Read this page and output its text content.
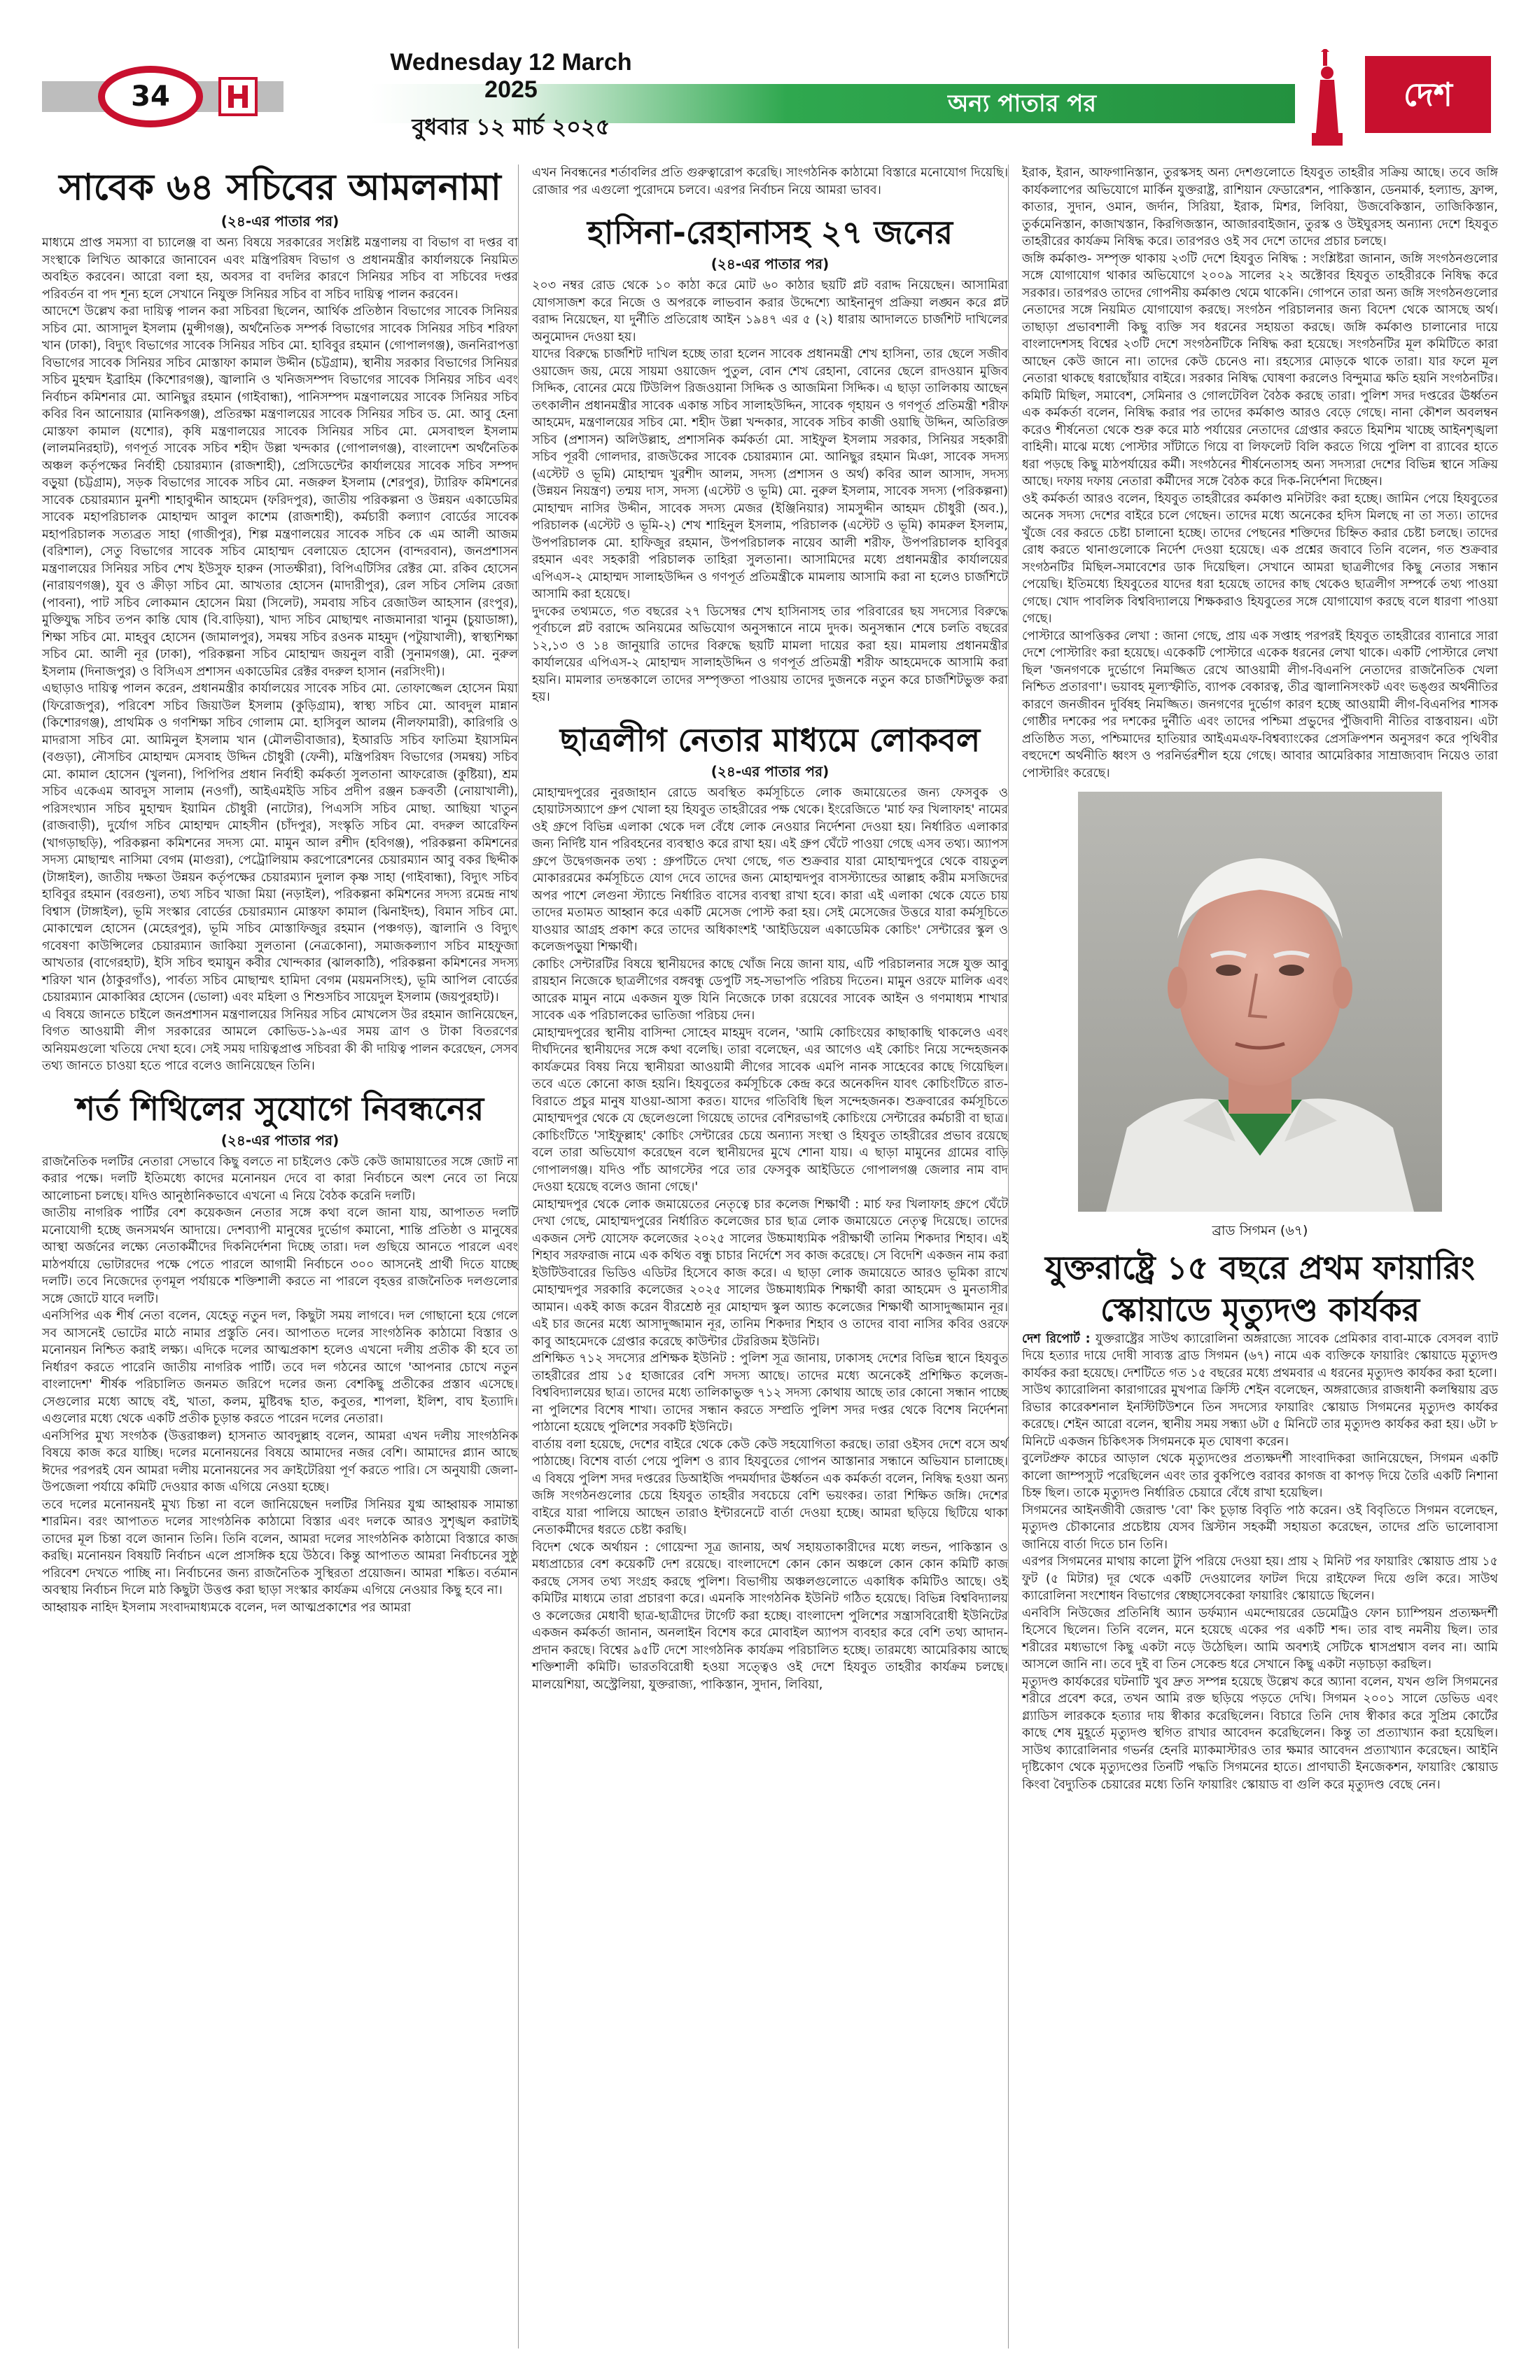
34
Wednesday 12 March 2025
বুধবার ১২ মার্চ ২০২৫
অন্য পাতার পর	দেশ
সাবেক ৬৪ সচিবের আমলনামা
(২৪-এর পাতার পর)

মাধ্যমে প্রাপ্ত সমস্যা বা চ্যালেঞ্জ বা অন্য বিষয়ে সরকারের সংশ্লিষ্ট মন্ত্রণালয় বা বিভাগ বা দপ্তর বা সংস্থাকে লিখিত আকারে জানাবেন এবং মন্ত্রিপরিষদ বিভাগ ও প্রধানমন্ত্রীর কার্যালয়কে নিয়মিত অবহিত করবেন। আরো বলা হয়, অবসর বা বদলির কারণে সিনিয়র সচিব বা সচিবের দপ্তর পরিবর্তন বা পদ শূন্য হলে সেখানে নিযুক্ত সিনিয়র সচিব বা সচিব দায়িত্ব পালন করবেন।

আদেশে উল্লেখ করা দায়িত্ব পালন করা সচিবরা ছিলেন, আর্থিক প্রতিষ্ঠান বিভাগের সাবেক সিনিয়র সচিব মো. আসাদুল ইসলাম (মুন্সীগঞ্জ), অর্থনৈতিক সম্পর্ক বিভাগের সাবেক সিনিয়র সচিব শরিফা খান (ঢাকা), বিদ্যুৎ বিভাগের সাবেক সিনিয়র সচিব মো. হাবিবুর রহমান (গোপালগঞ্জ), জননিরাপত্তা বিভাগের সাবেক সিনিয়র সচিব মোস্তাফা কামাল উদ্দীন (চট্টগ্রাম), স্থানীয় সরকার বিভাগের সিনিয়র সচিব মুহম্মদ ইব্রাহিম (কিশোরগঞ্জ), জ্বালানি ও খনিজসম্পদ বিভাগের সাবেক সিনিয়র সচিব এবং নির্বাচন কমিশনার মো. আনিছুর রহমান (গাইবান্ধা), পানিসম্পদ মন্ত্রণালয়ের সাবেক সিনিয়র সচিব কবির বিন আনোয়ার (মানিকগঞ্জ), প্রতিরক্ষা মন্ত্রণালয়ের সাবেক সিনিয়র সচিব ড. মো. আবু হেনা মোস্তফা কামাল (যশোর), কৃষি মন্ত্রণালয়ের সাবেক সিনিয়র সচিব মো. মেসবাহুল ইসলাম (লালমনিরহাট), গণপূর্ত সাবেক সচিব শহীদ উল্লা খন্দকার (গোপালগঞ্জ), বাংলাদেশ অর্থনৈতিক অঞ্চল কর্তৃপক্ষের নির্বাহী চেয়ারম্যান (রাজশাহী), প্রেসিডেন্টের কার্যালয়ের সাবেক সচিব সম্পদ বড়ুয়া (চট্টগ্রাম), সড়ক বিভাগের সাবেক সচিব মো. নজরুল ইসলাম (শেরপুর), ট্যারিফ কমিশনের সাবেক চেয়ারম্যান মুনশী শাহাবুদ্দীন আহমেদ (ফরিদপুর), জাতীয় পরিকল্পনা ও উন্নয়ন একাডেমির সাবেক মহাপরিচালক মোহাম্মদ আবুল কাশেম (রাজশাহী), কর্মচারী কল্যাণ বোর্ডের সাবেক মহাপরিচালক সত্যব্রত সাহা (গাজীপুর), শিল্প মন্ত্রণালয়ের সাবেক সচিব কে এম আলী আজম (বরিশাল), সেতু বিভাগের সাবেক সচিব মোহাম্মদ বেলায়েত হোসেন (বান্দরবান), জনপ্রশাসন মন্ত্রণালয়ের সিনিয়র সচিব শেখ ইউসুফ হারুন (সাতক্ষীরা), বিপিএটিসির রেক্টর মো. রকিব হোসেন (নারায়ণগঞ্জ), যুব ও ক্রীড়া সচিব মো. আখতার হোসেন (মাদারীপুর), রেল সচিব সেলিম রেজা (পাবনা), পাট সচিব লোকমান হোসেন মিয়া (সিলেট), সমবায় সচিব রেজাউল আহসান (রংপুর), মুক্তিযুদ্ধ সচিব তপন কান্তি ঘোষ (বি.বাড়িয়া), খাদ্য সচিব মোছাম্মৎ নাজমানারা খানুম (চুয়াডাঙ্গা), শিক্ষা সচিব মো. মাহবুব হোসেন (জামালপুর), সমন্বয় সচিব রওনক মাহমুদ (পটুয়াখালী), স্বাস্থ্যশিক্ষা সচিব মো. আলী নূর (ঢাকা), পরিকল্পনা সচিব মোহাম্মদ জয়নুল বারী (সুনামগঞ্জ), মো. নুরুল ইসলাম (দিনাজপুর) ও বিসিএস প্রশাসন একাডেমির রেক্টর বদরুল হাসান (নরসিংদী)।

এছাড়াও দায়িত্ব পালন করেন, প্রধানমন্ত্রীর কার্যালয়ের সাবেক সচিব মো. তোফাজ্জেল হোসেন মিয়া (ফিরোজপুর), পরিবেশ সচিব জিয়াউল ইসলাম (কুড়িগ্রাম), স্বাস্থ্য সচিব মো. আবদুল মান্নান (কিশোরগঞ্জ), প্রাথমিক ও গণশিক্ষা সচিব গোলাম মো. হাসিবুল আলম (নীলফামারী), কারিগরি ও মাদরাসা সচিব মো. আমিনুল ইসলাম খান (মৌলভীবাজার), ইআরডি সচিব ফাতিমা ইয়াসমিন (বগুড়া), নৌসচিব মোহাম্মদ মেসবাহ উদ্দিন চৌধুরী (ফেনী), মন্ত্রিপরিষদ বিভাগের (সমন্বয়) সচিব মো. কামাল হোসেন (খুলনা), পিপিপির প্রধান নির্বাহী কর্মকর্তা সুলতানা আফরোজ (কুষ্টিয়া), শ্রম সচিব একেএম আবদুস সালাম (নওগাঁ), আইএমইডি সচিব প্রদীপ রঞ্জন চক্রবর্তী (নোয়াখালী), পরিসংখ্যান সচিব মুহাম্মদ ইয়ামিন চৌধুরী (নাটোর), পিএসসি সচিব মোছা. আছিয়া খাতুন (রাজবাড়ী), দুর্যোগ সচিব মোহাম্মদ মোহসীন (চাঁদপুর), সংস্কৃতি সচিব মো. বদরুল আরেফিন (খাগড়াছড়ি), পরিকল্পনা কমিশনের সদস্য মো. মামুন আল রশীদ (হবিগঞ্জ), পরিকল্পনা কমিশনের সদস্য মোছাম্মৎ নাসিমা বেগম (মাগুরা), পেট্রোলিয়াম করপোরেশনের চেয়ারম্যান আবু বকর ছিদ্দীক (টাঙ্গাইল), জাতীয় দক্ষতা উন্নয়ন কর্তৃপক্ষের চেয়ারম্যান দুলাল কৃষ্ণ সাহা (গাইবান্ধা), বিদ্যুৎ সচিব হাবিবুর রহমান (বরগুনা), তথ্য সচিব খাজা মিয়া (নড়াইল), পরিকল্পনা কমিশনের সদস্য রমেন্দ্র নাথ বিশ্বাস (টাঙ্গাইল), ভূমি সংস্কার বোর্ডের চেয়ারম্যান মোস্তফা কামাল (ঝিনাইদহ), বিমান সচিব মো. মোকাম্মেল হোসেন (মেহেরপুর), ভূমি সচিব মোস্তাফিজুর রহমান (পঞ্চগড়), জ্বালানি ও বিদ্যুৎ গবেষণা কাউন্সিলের চেয়ারম্যান জাকিয়া সুলতানা (নেত্রকোনা), সমাজকল্যাণ সচিব মাহফুজা আখতার (বাগেরহাট), ইসি সচিব হুমায়ুন কবীর খোন্দকার (ঝালকাঠি), পরিকল্পনা কমিশনের সদস্য শরিফা খান (ঠাকুরগাঁও), পার্বত্য সচিব মোছাম্মৎ হামিদা বেগম (ময়মনসিংহ), ভূমি আপিল বোর্ডের চেয়ারম্যান মোকাব্বির হোসেন (ভোলা) এবং মহিলা ও শিশুসচিব সায়েদুল ইসলাম (জয়পুরহাট)।

এ বিষয়ে জানতে চাইলে জনপ্রশাসন মন্ত্রণালয়ের সিনিয়র সচিব মোখলেস উর রহমান জানিয়েছেন, বিগত আওয়ামী লীগ সরকারের আমলে কোভিড-১৯-এর সময় ত্রাণ ও টাকা বিতরণের অনিয়মগুলো খতিয়ে দেখা হবে। সেই সময় দায়িত্বপ্রাপ্ত সচিবরা কী কী দায়িত্ব পালন করেছেন, সেসব তথ্য জানতে চাওয়া হতে পারে বলেও জানিয়েছেন তিনি।

শর্ত শিথিলের সুযোগে নিবন্ধনের
(২৪-এর পাতার পর)

রাজনৈতিক দলটির নেতারা সেভাবে কিছু বলতে না চাইলেও কেউ কেউ জামায়াতের সঙ্গে জোট না করার পক্ষে। দলটি ইতিমধ্যে কাদের মনোনয়ন দেবে বা কারা নির্বাচনে অংশ নেবে তা নিয়ে আলোচনা চলছে। যদিও আনুষ্ঠানিকভাবে এখনো এ নিয়ে বৈঠক করেনি দলটি।

জাতীয় নাগরিক পার্টির বেশ কয়েকজন নেতার সঙ্গে কথা বলে জানা যায়, আপাতত দলটি মনোযোগী হচ্ছে জনসমর্থন আদায়ে। দেশব্যাপী মানুষের দুর্ভোগ কমানো, শান্তি প্রতিষ্ঠা ও মানুষের আস্থা অর্জনের লক্ষ্যে নেতাকর্মীদের দিকনির্দেশনা দিচ্ছে তারা। দল গুছিয়ে আনতে পারলে এবং মাঠপর্যায়ে ভোটারদের পক্ষে পেতে পারলে আগামী নির্বাচনে ৩০০ আসনেই প্রার্থী দিতে যাচ্ছে দলটি। তবে নিজেদের তৃণমূল পর্যায়কে শক্তিশালী করতে না পারলে বৃহত্তর রাজনৈতিক দলগুলোর সঙ্গে জোটে যাবে দলটি।

এনসিপির এক শীর্ষ নেতা বলেন, যেহেতু নতুন দল, কিছুটা সময় লাগবে। দল গোছানো হয়ে গেলে সব আসনেই ভোটের মাঠে নামার প্রস্তুতি নেব। আপাতত দলের সাংগঠনিক কাঠামো বিস্তার ও মনোনয়ন নিশ্চিত করাই লক্ষ্য। এদিকে দলের আত্মপ্রকাশ হলেও এখনো দলীয় প্রতীক কী হবে তা নির্ধারণ করতে পারেনি জাতীয় নাগরিক পার্টি। তবে দল গঠনের আগে 'আপনার চোখে নতুন বাংলাদেশ' শীর্ষক পরিচালিত জনমত জরিপে দলের জন্য বেশকিছু প্রতীকের প্রস্তাব এসেছে। সেগুলোর মধ্যে আছে বই, খাতা, কলম, মুষ্টিবদ্ধ হাত, কবুতর, শাপলা, ইলিশ, বাঘ ইত্যাদি। এগুলোর মধ্যে থেকে একটি প্রতীক চূড়ান্ত করতে পারেন দলের নেতারা।

এনসিপির মুখ্য সংগঠক (উত্তরাঞ্চল) হাসনাত আবদুল্লাহ বলেন, আমরা এখন দলীয় সাংগঠনিক বিষয়ে কাজ করে যাচ্ছি। দলের মনোনয়নের বিষয়ে আমাদের নজর বেশি। আমাদের প্ল্যান আছে ঈদের পরপরই যেন আমরা দলীয় মনোনয়নের সব ক্রাইটেরিয়া পূর্ণ করতে পারি। সে অনুযায়ী জেলা-উপজেলা পর্যায়ে কমিটি দেওয়ার কাজ এগিয়ে নেওয়া হচ্ছে।

তবে দলের মনোনয়নই মুখ্য চিন্তা না বলে জানিয়েছেন দলটির সিনিয়র যুগ্ম আহ্বায়ক সামান্তা শারমিন। বরং আপাতত দলের সাংগঠনিক কাঠামো বিস্তার এবং দলকে আরও সুশৃঙ্খল করাটাই তাদের মূল চিন্তা বলে জানান তিনি। তিনি বলেন, আমরা দলের সাংগঠনিক কাঠামো বিস্তারে কাজ করছি। মনোনয়ন বিষয়টি নির্বাচন এলে প্রাসঙ্গিক হয়ে উঠবে। কিন্তু আপাতত আমরা নির্বাচনের সুষ্ঠু পরিবেশ দেখতে পাচ্ছি না। নির্বাচনের জন্য রাজনৈতিক সুস্থিরতা প্রয়োজন। আমরা শঙ্কিত। বর্তমান অবস্থায় নির্বাচন দিলে মাঠ কিছুটা উত্তপ্ত করা ছাড়া সংস্কার কার্যক্রম এগিয়ে নেওয়ার কিছু হবে না।

আহ্বায়ক নাহিদ ইসলাম সংবাদমাধ্যমকে বলেন, দল আত্মপ্রকাশের পর আমরা

এখন নিবন্ধনের শর্তাবলির প্রতি গুরুত্বারোপ করেছি। সাংগঠনিক কাঠামো বিস্তারে মনোযোগ দিয়েছি। রোজার পর এগুলো পুরোদমে চলবে। এরপর নির্বাচন নিয়ে আমরা ভাবব।

হাসিনা-রেহানাসহ ২৭ জনের
(২৪-এর পাতার পর)

২০৩ নম্বর রোড থেকে ১০ কাঠা করে মোট ৬০ কাঠার ছয়টি প্লট বরাদ্দ নিয়েছেন। আসামিরা যোগসাজশ করে নিজে ও অপরকে লাভবান করার উদ্দেশ্যে আইনানুগ প্রক্রিয়া লঙ্ঘন করে প্লট বরাদ্দ নিয়েছেন, যা দুর্নীতি প্রতিরোধ আইন ১৯৪৭ এর ৫ (২) ধারায় আদালতে চার্জশিট দাখিলের অনুমোদন দেওয়া হয়।

যাদের বিরুদ্ধে চার্জশিট দাখিল হচ্ছে তারা হলেন সাবেক প্রধানমন্ত্রী শেখ হাসিনা, তার ছেলে সজীব ওয়াজেদ জয়, মেয়ে সায়মা ওয়াজেদ পুতুল, বোন শেখ রেহানা, বোনের ছেলে রাদওয়ান মুজিব সিদ্দিক, বোনের মেয়ে টিউলিপ রিজওয়ানা সিদ্দিক ও আজমিনা সিদ্দিক। এ ছাড়া তালিকায় আছেন তৎকালীন প্রধানমন্ত্রীর সাবেক একান্ত সচিব সালাহউদ্দিন, সাবেক গৃহায়ন ও গণপূর্ত প্রতিমন্ত্রী শরীফ আহমেদ, মন্ত্রণালয়ের সচিব মো. শহীদ উল্লা খন্দকার, সাবেক সচিব কাজী ওয়াছি উদ্দিন, অতিরিক্ত সচিব (প্রশাসন) অলিউল্লাহ, প্রশাসনিক কর্মকর্তা মো. সাইফুল ইসলাম সরকার, সিনিয়র সহকারী সচিব পূরবী গোলদার, রাজউকের সাবেক চেয়ারম্যান মো. আনিছুর রহমান মিঞা, সাবেক সদস্য (এস্টেট ও ভূমি) মোহাম্মদ খুরশীদ আলম, সদস্য (প্রশাসন ও অর্থ) কবির আল আসাদ, সদস্য (উন্নয়ন নিয়ন্ত্রণ) তন্ময় দাস, সদস্য (এস্টেট ও ভূমি) মো. নুরুল ইসলাম, সাবেক সদস্য (পরিকল্পনা) মোহাম্মদ নাসির উদ্দীন, সাবেক সদস্য মেজর (ইঞ্জিনিয়ার) সামসুদ্দীন আহমদ চৌধুরী (অব.), পরিচালক (এস্টেট ও ভূমি-২) শেখ শাহিনুল ইসলাম, পরিচালক (এস্টেট ও ভূমি) কামরুল ইসলাম, উপপরিচালক মো. হাফিজুর রহমান, উপপরিচালক নায়েব আলী শরীফ, উপপরিচালক হাবিবুর রহমান এবং সহকারী পরিচালক তাহিরা সুলতানা। আসামিদের মধ্যে প্রধানমন্ত্রীর কার্যালয়ের এপিএস-২ মোহাম্মদ সালাহউদ্দিন ও গণপূর্ত প্রতিমন্ত্রীকে মামলায় আসামি করা না হলেও চার্জশিটে আসামি করা হয়েছে।

দুদকের তথ্যমতে, গত বছরের ২৭ ডিসেম্বর শেখ হাসিনাসহ তার পরিবারের ছয় সদস্যের বিরুদ্ধে পূর্বাচলে প্লট বরাদ্দে অনিয়মের অভিযোগ অনুসন্ধানে নামে দুদক। অনুসন্ধান শেষে চলতি বছরের ১২,১৩ ও ১৪ জানুয়ারি তাদের বিরুদ্ধে ছয়টি মামলা দায়ের করা হয়। মামলায় প্রধানমন্ত্রীর কার্যালয়ের এপিএস-২ মোহাম্মদ সালাহউদ্দিন ও গণপূর্ত প্রতিমন্ত্রী শরীফ আহমেদকে আসামি করা হয়নি। মামলার তদন্তকালে তাদের সম্পৃক্ততা পাওয়ায় তাদের দুজনকে নতুন করে চার্জশিটভুক্ত করা হয়।

ছাত্রলীগ নেতার মাধ্যমে লোকবল
(২৪-এর পাতার পর)

মোহাম্মদপুরের নুরজাহান রোডে অবস্থিত কর্মসূচিতে লোক জমায়েতের জন্য ফেসবুক ও হোয়াটসঅ্যাপে গ্রুপ খোলা হয় হিযবুত তাহরীরের পক্ষ থেকে। ইংরেজিতে 'মার্চ ফর খিলাফাহ' নামের ওই গ্রুপে বিভিন্ন এলাকা থেকে দল বেঁধে লোক নেওয়ার নির্দেশনা দেওয়া হয়। নির্ধারিত এলাকার জন্য নির্দিষ্ট যান পরিবহনের ব্যবস্থাও করে রাখা হয়। এই গ্রুপ ঘেঁটে পাওয়া গেছে এসব তথ্য। অ্যাপস গ্রুপে উদ্বেগজনক তথ্য : গ্রুপটিতে দেখা গেছে, গত শুক্রবার যারা মোহাম্মদপুরে থেকে বায়তুল মোকাররমের কর্মসূচিতে যোগ দেবে তাদের জন্য মোহাম্মদপুর বাসস্ট্যান্ডের আল্লাহ করীম মসজিদের অপর পাশে লেগুনা স্ট্যান্ডে নির্ধারিত বাসের ব্যবস্থা রাখা হবে। কারা এই এলাকা থেকে যেতে চায় তাদের মতামত আহ্বান করে একটি মেসেজ পোস্ট করা হয়। সেই মেসেজের উত্তরে যারা কর্মসূচিতে যাওয়ার আগ্রহ প্রকাশ করে তাদের অধিকাংশই 'আইডিয়েল একাডেমিক কোচিং' সেন্টারের স্কুল ও কলেজপড়ুয়া শিক্ষার্থী।

কোচিং সেন্টারটির বিষয়ে স্থানীয়দের কাছে খোঁজ নিয়ে জানা যায়, এটি পরিচালনার সঙ্গে যুক্ত আবু রায়হান নিজেকে ছাত্রলীগের বঙ্গবন্ধু ডেপুটি সহ-সভাপতি পরিচয় দিতেন। মামুন ওরফে মালিক এবং আরেক মামুন নামে একজন যুক্ত যিনি নিজেকে ঢাকা রয়েবের সাবেক আইন ও গণমাধ্যম শাখার সাবেক এক পরিচালকের ভাতিজা পরিচয় দেন।

মোহাম্মদপুরের স্থানীয় বাসিন্দা সোহেব মাহমুদ বলেন, 'আমি কোচিংয়ের কাছাকাছি থাকলেও এবং দীর্ঘদিনের স্থানীয়দের সঙ্গে কথা বলেছি। তারা বলেছেন, এর আগেও এই কোচিং নিয়ে সন্দেহজনক কার্যক্রমের বিষয় নিয়ে স্থানীয়রা আওয়ামী লীগের সাবেক এমপি নানক সাহেবের কাছে গিয়েছিল। তবে এতে কোনো কাজ হয়নি। হিযবুতের কর্মসূচিকে কেন্দ্র করে অনেকদিন যাবৎ কোচিংটিতে রাত-বিরাতে প্রচুর মানুষ যাওয়া-আসা করত। যাদের গতিবিধি ছিল সন্দেহজনক। শুক্রবারের কর্মসূচিতে মোহাম্মদপুর থেকে যে ছেলেগুলো গিয়েছে তাদের বেশিরভাগই কোচিংয়ে সেন্টারের কর্মচারী বা ছাত্র। কোচিংটিতে 'সাইফুল্লাহ' কোচিং সেন্টারের চেয়ে অন্যান্য সংস্থা ও হিযবুত তাহরীরের প্রভাব রয়েছে বলে তারা অভিযোগ করেছেন বলে স্থানীয়দের মুখে শোনা যায়। এ ছাড়া মামুনের গ্রামের বাড়ি গোপালগঞ্জ। যদিও পাঁচ আগস্টের পরে তার ফেসবুক আইডিতে গোপালগঞ্জ জেলার নাম বাদ দেওয়া হয়েছে বলেও জানা গেছে।'

মোহাম্মদপুর থেকে লোক জমায়েতের নেতৃত্বে চার কলেজ শিক্ষার্থী : মার্চ ফর খিলাফাহ গ্রুপে ঘেঁটে দেখা গেছে, মোহাম্মদপুরের নির্ধারিত কলেজের চার ছাত্র লোক জমায়েতে নেতৃত্ব দিয়েছে। তাদের একজন সেন্ট যোসেফ কলেজের ২০২৫ সালের উচ্চমাধ্যমিক পরীক্ষার্থী তানিম শিকদার শিহাব। এই শিহাব সরফরাজ নামে এক কথিত বন্ধু চাচার নির্দেশে সব কাজ করেছে। সে বিদেশি একজন নাম করা ইউটিউবারের ভিডিও এডিটর হিসেবে কাজ করে। এ ছাড়া লোক জমায়েতে আরও ভূমিকা রাখে মোহাম্মদপুর সরকারি কলেজের ২০২৫ সালের উচ্চমাধ্যমিক শিক্ষার্থী কারা আহমেদ ও মুনতাসীর আমান। একই কাজ করেন বীরশ্রেষ্ঠ নূর মোহাম্মদ স্কুল অ্যান্ড কলেজের শিক্ষার্থী আসাদুজ্জামান নূর। এই চার জনের মধ্যে আসাদুজ্জামান নূর, তানিম শিকদার শিহাব ও তাদের বাবা নাসির কবির ওরফে কাবু আহমেদকে গ্রেপ্তার করেছে কাউন্টার টেররিজম ইউনিট।

প্রশিক্ষিত ৭১২ সদস্যের প্রশিক্ষক ইউনিট : পুলিশ সূত্র জানায়, ঢাকাসহ দেশের বিভিন্ন স্থানে হিযবুত তাহরীরের প্রায় ১৫ হাজারের বেশি সদস্য আছে। তাদের মধ্যে অনেকেই প্রশিক্ষিত কলেজ-বিশ্ববিদ্যালয়ের ছাত্র। তাদের মধ্যে তালিকাভুক্ত ৭১২ সদস্য কোথায় আছে তার কোনো সন্ধান পাচ্ছে না পুলিশের বিশেষ শাখা। তাদের সন্ধান করতে সম্প্রতি পুলিশ সদর দপ্তর থেকে বিশেষ নির্দেশনা পাঠানো হয়েছে পুলিশের সবকটি ইউনিটে।

বার্তায় বলা হয়েছে, দেশের বাইরে থেকে কেউ কেউ সহযোগিতা করছে। তারা ওইসব দেশে বসে অর্থ পাঠাচ্ছে। বিশেষ বার্তা পেয়ে পুলিশ ও র‍্যাব হিযবুতের গোপন আস্তানার সন্ধানে অভিযান চালাচ্ছে। এ বিষয়ে পুলিশ সদর দপ্তরের ডিআইজি পদমর্যাদার ঊর্ধ্বতন এক কর্মকর্তা বলেন, নিষিদ্ধ হওয়া অন্য জঙ্গি সংগঠনগুলোর চেয়ে হিযবুত তাহরীর সবচেয়ে বেশি ভয়ংকর। তারা শিক্ষিত জঙ্গি। দেশের বাইরে যারা পালিয়ে আছেন তারাও ইন্টারনেটে বার্তা দেওয়া হচ্ছে। আমরা ছড়িয়ে ছিটিয়ে থাকা নেতাকর্মীদের ধরতে চেষ্টা করছি।

বিদেশ থেকে অর্থায়ন : গোয়েন্দা সূত্র জানায়, অর্থ সহায়তাকারীদের মধ্যে লন্ডন, পাকিস্তান ও মধ্যপ্রাচ্যের বেশ কয়েকটি দেশ রয়েছে। বাংলাদেশে কোন কোন অঞ্চলে কোন কোন কমিটি কাজ করছে সেসব তথ্য সংগ্রহ করছে পুলিশ। বিভাগীয় অঞ্চলগুলোতে একাধিক কমিটিও আছে। ওই কমিটির মাধ্যমে তারা প্রচারণা করে। এমনকি সাংগঠনিক ইউনিট গঠিত হয়েছে। বিভিন্ন বিশ্ববিদ্যালয় ও কলেজের মেধাবী ছাত্র-ছাত্রীদের টার্গেট করা হচ্ছে। বাংলাদেশ পুলিশের সন্ত্রাসবিরোধী ইউনিটের একজন কর্মকর্তা জানান, অনলাইন বিশেষ করে মোবাইল অ্যাপস ব্যবহার করে বেশি তথ্য আদান-প্রদান করছে। বিশ্বের ৯৫টি দেশে সাংগঠনিক কার্যক্রম পরিচালিত হচ্ছে। তারমধ্যে আমেরিকায় আছে শক্তিশালী কমিটি। ভারতবিরোধী হওয়া সত্ত্বেও ওই দেশে হিযবুত তাহরীর কার্যক্রম চলছে। মালয়েশিয়া, অস্ট্রেলিয়া, যুক্তরাজ্য, পাকিস্তান, সুদান, লিবিয়া,

ইরাক, ইরান, আফগানিস্তান, তুরস্কসহ অন্য দেশগুলোতে হিযবুত তাহরীর সক্রিয় আছে। তবে জঙ্গি কার্যকলাপের অভিযোগে মার্কিন যুক্তরাষ্ট্র, রাশিয়ান ফেডারেশন, পাকিস্তান, ডেনমার্ক, হল্যান্ড, ফ্রান্স, কাতার, সুদান, ওমান, জর্দান, সিরিয়া, ইরাক, মিশর, লিবিয়া, উজবেকিস্তান, তাজিকিস্তান, তুর্কমেনিস্তান, কাজাখস্তান, কিরগিজস্তান, আজারবাইজান, তুরস্ক ও উইঘুরসহ অন্যান্য দেশে হিযবুত তাহরীরের কার্যক্রম নিষিদ্ধ করে। তারপরও ওই সব দেশে তাদের প্রচার চলছে।

জঙ্গি কর্মকাণ্ড- সম্পৃক্ত থাকায় ২৩টি দেশে হিযবুত নিষিদ্ধ : সংশ্লিষ্টরা জানান, জঙ্গি সংগঠনগুলোর সঙ্গে যোগাযোগ থাকার অভিযোগে ২০০৯ সালের ২২ অক্টোবর হিযবুত তাহরীরকে নিষিদ্ধ করে সরকার। তারপরও তাদের গোপনীয় কর্মকাণ্ড থেমে থাকেনি। গোপনে তারা অন্য জঙ্গি সংগঠনগুলোর নেতাদের সঙ্গে নিয়মিত যোগাযোগ করছে। সংগঠন পরিচালনার জন্য বিদেশ থেকে আসছে অর্থ। তাছাড়া প্রভাবশালী কিছু ব্যক্তি সব ধরনের সহায়তা করছে। জঙ্গি কর্মকাণ্ড চালানোর দায়ে বাংলাদেশসহ বিশ্বের ২৩টি দেশে সংগঠনটিকে নিষিদ্ধ করা হয়েছে। সংগঠনটির মূল কমিটিতে কারা আছেন কেউ জানে না। তাদের কেউ চেনেও না। রহস্যের মোড়কে থাকে তারা। যার ফলে মূল নেতারা থাকছে ধরাছোঁয়ার বাইরে। সরকার নিষিদ্ধ ঘোষণা করলেও বিন্দুমাত্র ক্ষতি হয়নি সংগঠনটির। কমিটি মিছিল, সমাবেশ, সেমিনার ও গোলটেবিল বৈঠক করছে তারা। পুলিশ সদর দপ্তরের ঊর্ধ্বতন এক কর্মকর্তা বলেন, নিষিদ্ধ করার পর তাদের কর্মকাণ্ড আরও বেড়ে গেছে। নানা কৌশল অবলম্বন করেও শীর্ষনেতা থেকে শুরু করে মাঠ পর্যায়ের নেতাদের গ্রেপ্তার করতে হিমশিম খাচ্ছে আইনশৃঙ্খলা বাহিনী। মাঝে মধ্যে পোস্টার সাঁটাতে গিয়ে বা লিফলেট বিলি করতে গিয়ে পুলিশ বা র‍্যাবের হাতে ধরা পড়ছে কিছু মাঠপর্যায়ের কর্মী। সংগঠনের শীর্ষনেতাসহ অন্য সদস্যরা দেশের বিভিন্ন স্থানে সক্রিয় আছে। দফায় দফায় নেতারা কর্মীদের সঙ্গে বৈঠক করে দিক-নির্দেশনা দিচ্ছেন।

ওই কর্মকর্তা আরও বলেন, হিযবুত তাহরীরের কর্মকাণ্ড মনিটরিং করা হচ্ছে। জামিন পেয়ে হিযবুতের অনেক সদস্য দেশের বাইরে চলে গেছেন। তাদের মধ্যে অনেকের হদিস মিলছে না তা সত্য। তাদের খুঁজে বের করতে চেষ্টা চালানো হচ্ছে। তাদের পেছনের শক্তিদের চিহ্নিত করার চেষ্টা চলছে। তাদের রোধ করতে থানাগুলোকে নির্দেশ দেওয়া হয়েছে। এক প্রশ্নের জবাবে তিনি বলেন, গত শুক্রবার সংগঠনটির মিছিল-সমাবেশের ডাক দিয়েছিল। সেখানে আমরা ছাত্রলীগের কিছু নেতার সন্ধান পেয়েছি। ইতিমধ্যে হিযবুতের যাদের ধরা হয়েছে তাদের কাছ থেকেও ছাত্রলীগ সম্পর্কে তথ্য পাওয়া গেছে। খোদ পাবলিক বিশ্ববিদ্যালয়ে শিক্ষকরাও হিযবুতের সঙ্গে যোগাযোগ করছে বলে ধারণা পাওয়া গেছে।

পোস্টারে আপত্তিকর লেখা : জানা গেছে, প্রায় এক সপ্তাহ পরপরই হিযবুত তাহরীরের ব্যানারে সারা দেশে পোস্টারিং করা হয়েছে। একেকটি পোস্টারে একেক ধরনের লেখা থাকে। একটি পোস্টারে লেখা ছিল 'জনগণকে দুর্ভোগে নিমজ্জিত রেখে আওয়ামী লীগ-বিএনপি নেতাদের রাজনৈতিক খেলা নিশ্চিত প্রতারণা'। ভয়াবহ মূল্যস্ফীতি, ব্যাপক বেকারত্ব, তীব্র জ্বালানিসংকট এবং ভঙ্গুর অর্থনীতির কারণে জনজীবন দুর্বিষহ নিমজ্জিত। জনগণের দুর্ভোগ কারণ হচ্ছে আওয়ামী লীগ-বিএনপির শাসক গোষ্ঠীর দশকের পর দশকের দুর্নীতি এবং তাদের পশ্চিমা প্রভুদের পুঁজিবাদী নীতির বাস্তবায়ন। এটা প্রতিষ্ঠিত সত্য, পশ্চিমাদের হাতিয়ার আইএমএফ-বিশ্বব্যাংকের প্রেসক্রিপশন অনুসরণ করে পৃথিবীর বহুদেশে অর্থনীতি ধ্বংস ও পরনির্ভরশীল হয়ে গেছে। আবার আমেরিকার সাম্রাজ্যবাদ নিয়েও তারা পোস্টারিং করেছে।

ব্রাড সিগমন (৬৭)
যুক্তরাষ্ট্রে ১৫ বছরে প্রথম ফায়ারিং স্কোয়াডে মৃত্যুদণ্ড কার্যকর

দেশ রিপোর্ট : যুক্তরাষ্ট্রের সাউথ ক্যারোলিনা অঙ্গরাজ্যে সাবেক প্রেমিকার বাবা-মাকে বেসবল ব্যাট দিয়ে হত্যার দায়ে দোষী সাব্যস্ত ব্রাড সিগমন (৬৭) নামে এক ব্যক্তিকে ফায়ারিং স্কোয়াডে মৃত্যুদণ্ড কার্যকর করা হয়েছে। দেশটিতে গত ১৫ বছরের মধ্যে প্রথমবার এ ধরনের মৃত্যুদণ্ড কার্যকর করা হলো।

সাউথ ক্যারোলিনা কারাগারের মুখপাত্র ক্রিস্টি শেইন বলেছেন, অঙ্গরাজ্যের রাজধানী কলম্বিয়ায় ব্রড রিভার কারেকশনাল ইনস্টিটিউশনে তিন সদস্যের ফায়ারিং স্কোয়াড সিগমনের মৃত্যুদণ্ড কার্যকর করেছে। শেইন আরো বলেন, স্থানীয় সময় সন্ধ্যা ৬টা ৫ মিনিটে তার মৃত্যুদণ্ড কার্যকর করা হয়। ৬টা ৮ মিনিটে একজন চিকিৎসক সিগমনকে মৃত ঘোষণা করেন।

বুলেটপ্রুফ কাচের আড়াল থেকে মৃত্যুদণ্ডের প্রত্যক্ষদর্শী সাংবাদিকরা জানিয়েছেন, সিগমন একটি কালো জাম্পস্যুট পরেছিলেন এবং তার বুকপিণ্ডে বরাবর কাগজ বা কাপড় দিয়ে তৈরি একটি নিশানা চিহ্ন ছিল। তাকে মৃত্যুদণ্ড নির্ধারিত চেয়ারে বেঁধে রাখা হয়েছিল।

সিগমনের আইনজীবী জেরাল্ড 'বো' কিং চূড়ান্ত বিবৃতি পাঠ করেন। ওই বিবৃতিতে সিগমন বলেছেন, মৃত্যুদণ্ড চৌকানোর প্রচেষ্টায় যেসব খ্রিস্টান সহকর্মী সহায়তা করেছেন, তাদের প্রতি ভালোবাসা জানিয়ে বার্তা দিতে চান তিনি।

এরপর সিগমনের মাথায় কালো টুপি পরিয়ে দেওয়া হয়। প্রায় ২ মিনিট পর ফায়ারিং স্কোয়াড প্রায় ১৫ ফুট (৫ মিটার) দূর থেকে একটি দেওয়ালের ফাটল দিয়ে রাইফেল দিয়ে গুলি করে। সাউথ ক্যারোলিনা সংশোধন বিভাগের স্বেচ্ছাসেবকেরা ফায়ারিং স্কোয়াডে ছিলেন।

এনবিসি নিউজের প্রতিনিধি অ্যান ডর্ফম্যান এমন্দোয়রের ডেমেট্রিও ফোন চ্যাম্পিয়ন প্রত্যক্ষদর্শী হিসেবে ছিলেন। তিনি বলেন, মনে হয়েছে একের পর একটি শব্দ। তার বাহু নমনীয় ছিল। তার শরীরের মধ্যভাগে কিছু একটা নড়ে উঠেছিল। আমি অবশ্যই সেটিকে শ্বাসপ্রশ্বাস বলব না। আমি আসলে জানি না। তবে দুই বা তিন সেকেন্ড ধরে সেখানে কিছু একটা নড়াচড়া করছিল।

মৃত্যুদণ্ড কার্যকরের ঘটনাটি খুব দ্রুত সম্পন্ন হয়েছে উল্লেখ করে অ্যানা বলেন, যখন গুলি সিগমনের শরীরে প্রবেশ করে, তখন আমি রক্ত ছড়িয়ে পড়তে দেখি। সিগমন ২০০১ সালে ডেভিড এবং গ্ল্যাডিস লারককে হত্যার দায় স্বীকার করেছিলেন। বিচারে তিনি দোষ স্বীকার করে সুপ্রিম কোর্টের কাছে শেষ মুহূর্তে মৃত্যুদণ্ড স্থগিত রাখার আবেদন করেছিলেন। কিন্তু তা প্রত্যাখ্যান করা হয়েছিল। সাউথ ক্যারোলিনার গভর্নর হেনরি ম্যাকমাস্টারও তার ক্ষমার আবেদন প্রত্যাখ্যান করেছেন। আইনি দৃষ্টিকোণ থেকে মৃত্যুদণ্ডের তিনটি পদ্ধতি সিগমনের হাতে। প্রাণঘাতী ইনজেকশন, ফায়ারিং স্কোয়াড কিংবা বৈদ্যুতিক চেয়ারের মধ্যে তিনি ফায়ারিং স্কোয়াড বা গুলি করে মৃত্যুদণ্ড বেছে নেন।
